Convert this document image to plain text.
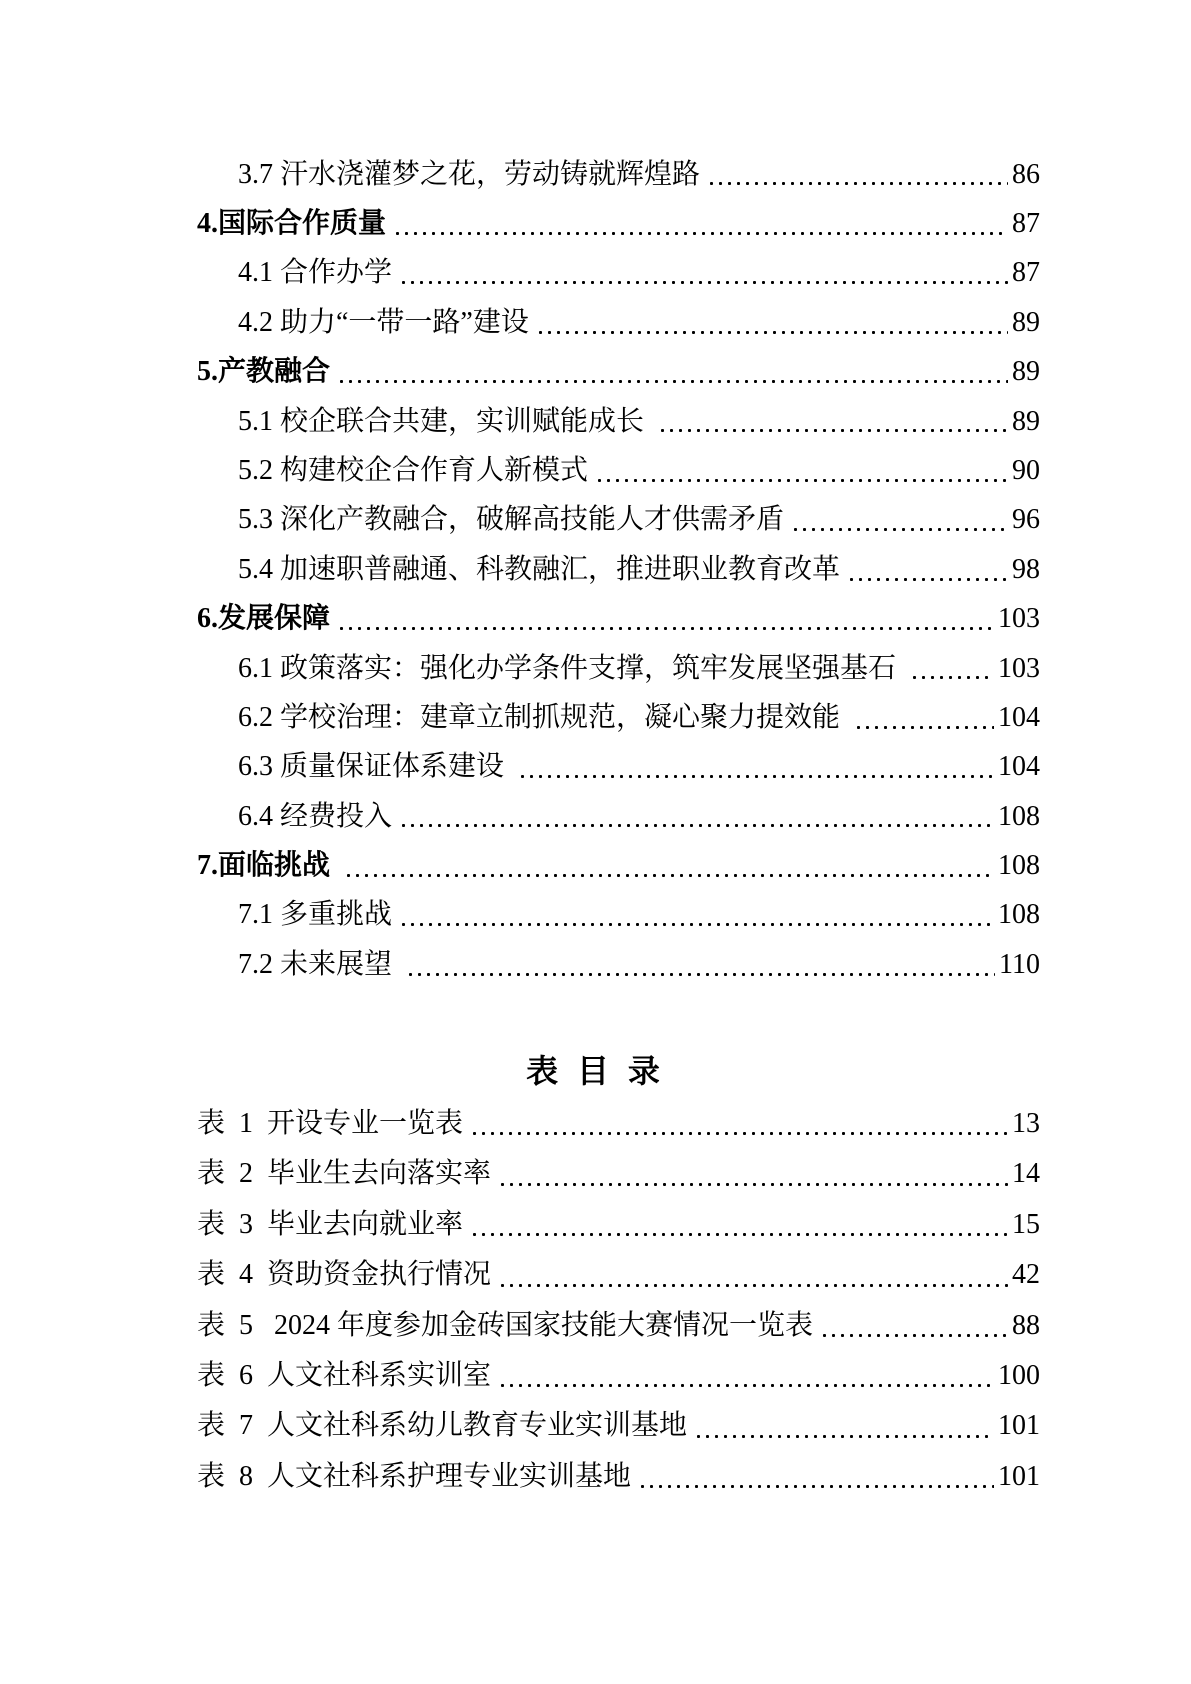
3.7 汗水浇灌梦之花，劳动铸就辉煌路	86
4.国际合作质量	87
4.1 合作办学	87
4.2 助力“一带一路”建设	89
5.产教融合	89
5.1 校企联合共建，实训赋能成长	89
5.2 构建校企合作育人新模式	90
5.3 深化产教融合，破解高技能人才供需矛盾	96
5.4 加速职普融通、科教融汇，推进职业教育改革	98
6.发展保障	103
6.1 政策落实：强化办学条件支撑，筑牢发展坚强基石	103
6.2 学校治理：建章立制抓规范，凝心聚力提效能	104
6.3 质量保证体系建设	104
6.4 经费投入	108
7.面临挑战	108
7.1 多重挑战	108
7.2 未来展望	110
表 目 录
表  1  开设专业一览表	13
表  2  毕业生去向落实率	14
表  3  毕业去向就业率	15
表  4  资助资金执行情况	42
表  5   2024 年度参加金砖国家技能大赛情况一览表	88
表  6  人文社科系实训室	100
表  7  人文社科系幼儿教育专业实训基地	101
表  8  人文社科系护理专业实训基地	101
